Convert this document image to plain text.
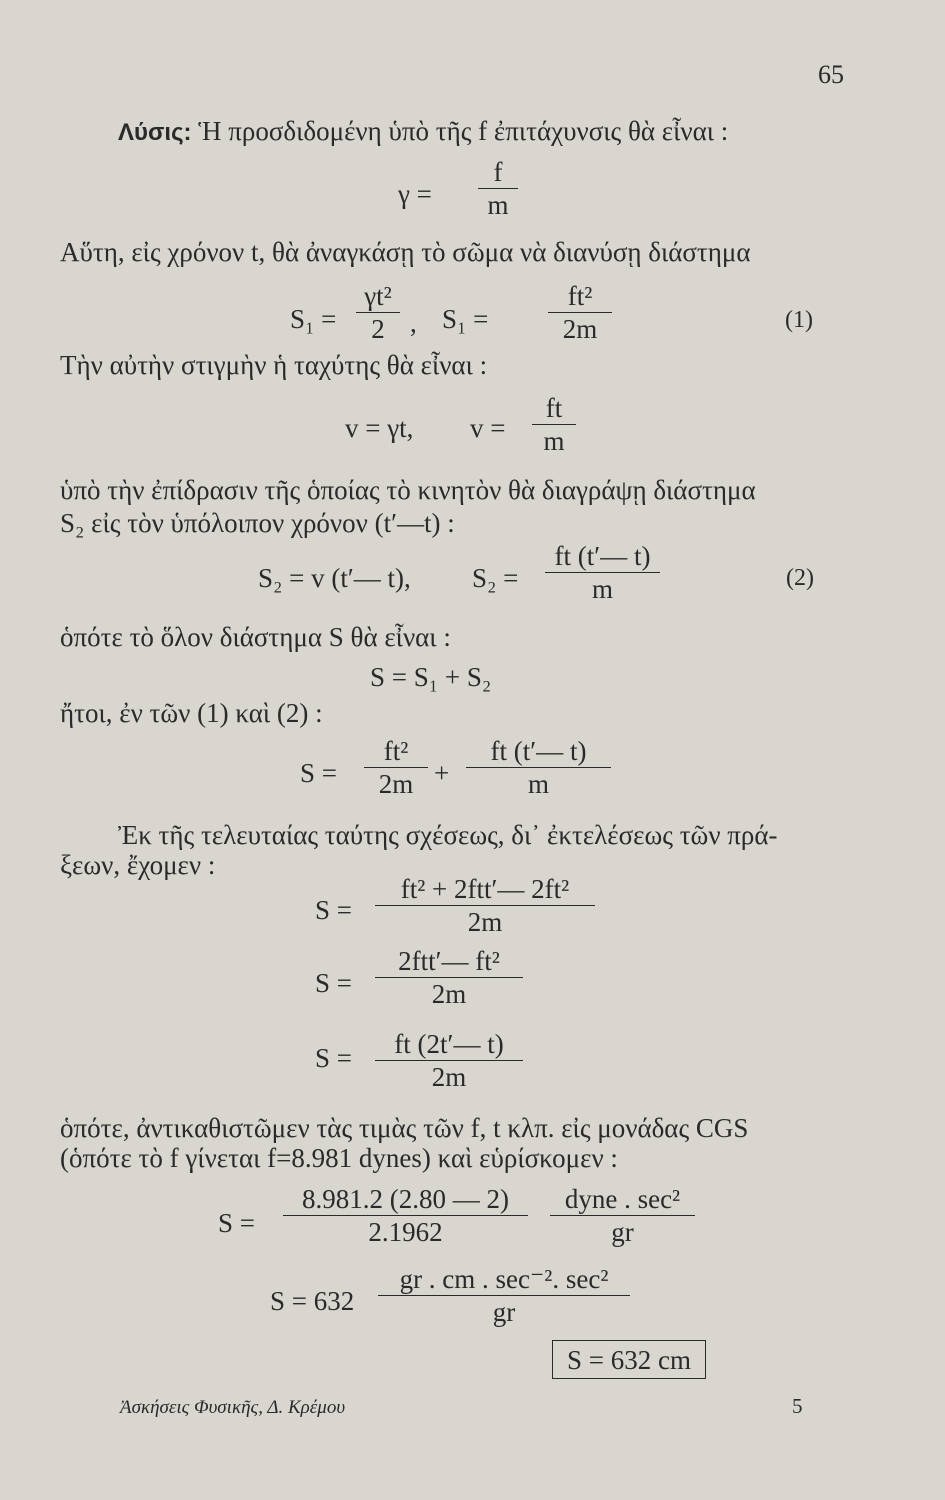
65
Λύσις: Ἡ προσδιδομένη ὑπὸ τῆς f ἐπιτάχυνσις θὰ εἶναι :
γ =
f
m
Αὕτη, εἰς χρόνον t, θὰ ἀναγκάσῃ τὸ σῶμα νὰ διανύσῃ διάστημα
S₁ =
γt²
2 , S₁ =
ft²
2m	(1)
Τὴν αὐτὴν στιγμὴν ἡ ταχύτης θὰ εἶναι :
v = γt, v =
ft
m
ὑπὸ τὴν ἐπίδρασιν τῆς ὁποίας τὸ κινητὸν θὰ διαγράψῃ διάστημα
S₂ εἰς τὸν ὑπόλοιπον χρόνον (t′—t) :
S₂ = v (t′— t), S₂ =
ft (t′— t)
m	(2)
ὁπότε τὸ ὅλον διάστημα S θὰ εἶναι :
S = S₁ + S₂
ἤτοι, ἐν τῶν (1) καὶ (2) :
S =
ft²
2m +
ft (t′— t)
m
Ἐκ τῆς τελευταίας ταύτης σχέσεως, δι᾿ ἐκτελέσεως τῶν πρά-
ξεων, ἔχομεν :
S =
ft² + 2ftt′— 2ft²
2m
S =
2ftt′— ft²
2m
S =	ft (2t′— t)
2m
ὁπότε, ἀντικαθιστῶμεν τὰς τιμὰς τῶν f, t κλπ. εἰς μονάδας CGS
(ὁπότε τὸ f γίνεται f=8.981 dynes) καὶ εὑρίσκομεν :
S =
8.981.2 (2.80 — 2)
2.1962
dyne . sec²
gr
S = 632
gr . cm . sec⁻². sec²
gr
S = 632 cm
Ἀσκήσεις Φυσικῆς, Δ. Κρέμου	5
